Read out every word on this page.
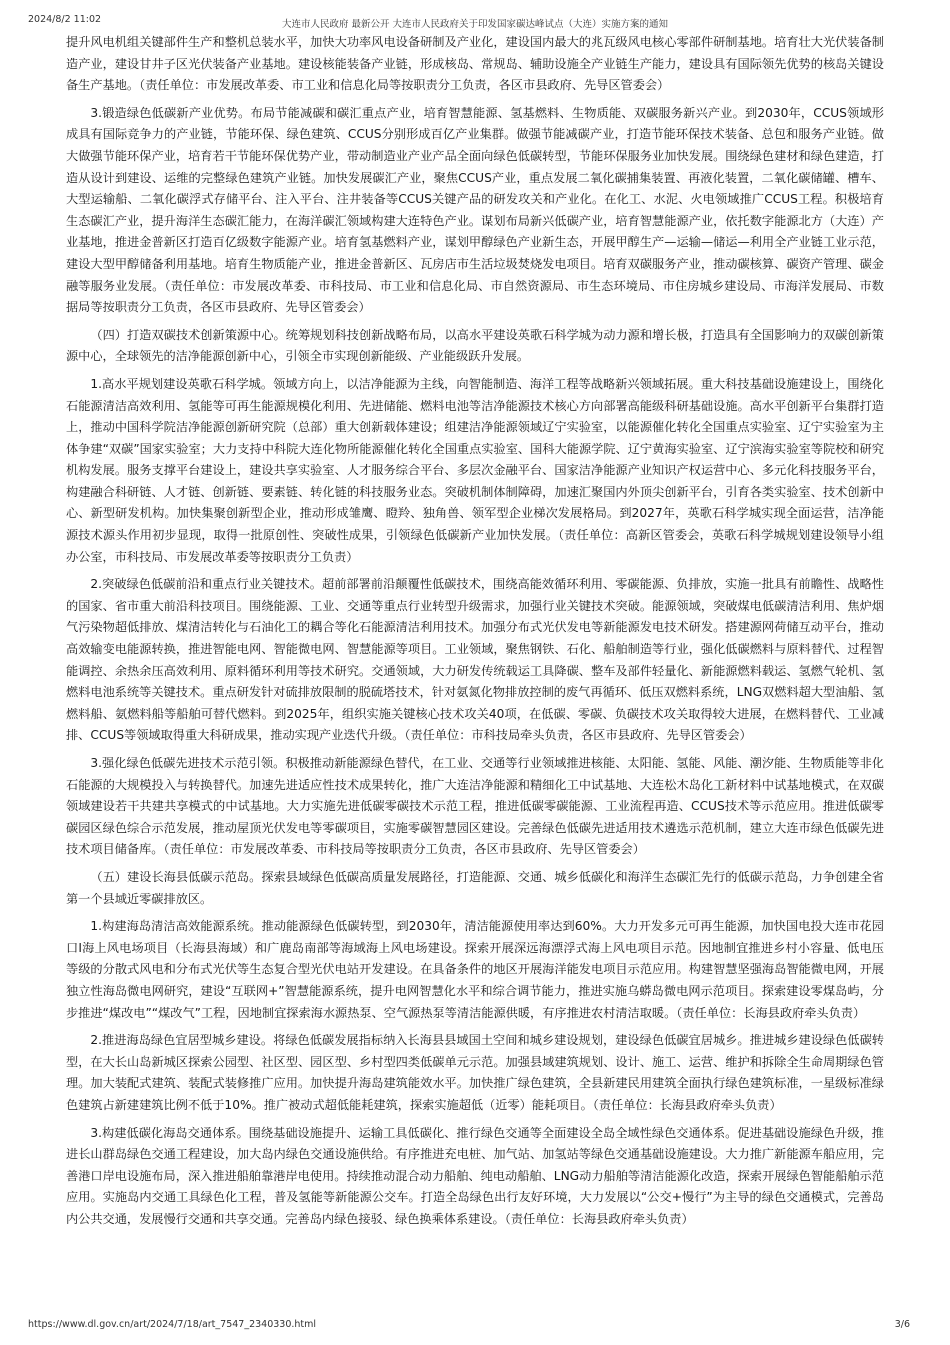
2024/8/2 11:02	大连市人民政府 最新公开 大连市人民政府关于印发国家碳达峰试点（大连）实施方案的通知

提升风电机组关键部件生产和整机总装水平，加快大功率风电设备研制及产业化，建设国内最大的兆瓦级风电核心零部件研制基地。培育壮大光伏装备制造产业，建设甘井子区光伏装备产业基地。建设核能装备产业链，形成核岛、常规岛、辅助设施全产业链生产能力，建设具有国际领先优势的核岛关键设备生产基地。（责任单位：市发展改革委、市工业和信息化局等按职责分工负责，各区市县政府、先导区管委会）

3.锻造绿色低碳新产业优势。布局节能减碳和碳汇重点产业，培育智慧能源、氢基燃料、生物质能、双碳服务新兴产业。到2030年，CCUS领域形成具有国际竞争力的产业链，节能环保、绿色建筑、CCUS分别形成百亿产业集群。做强节能减碳产业，打造节能环保技术装备、总包和服务产业链。做大做强节能环保产业，培育若干节能环保优势产业，带动制造业产业产品全面向绿色低碳转型，节能环保服务业加快发展。围绕绿色建材和绿色建造，打造从设计到建设、运维的完整绿色建筑产业链。加快发展碳汇产业，聚焦CCUS产业，重点发展二氧化碳捕集装置、再液化装置，二氧化碳储罐、槽车、大型运输船、二氧化碳浮式存储平台、注入平台、注井装备等CCUS关键产品的研发攻关和产业化。在化工、水泥、火电领域推广CCUS工程。积极培育生态碳汇产业，提升海洋生态碳汇能力，在海洋碳汇领域构建大连特色产业。谋划布局新兴低碳产业，培育智慧能源产业，依托数字能源北方（大连）产业基地，推进金普新区打造百亿级数字能源产业。培育氢基燃料产业，谋划甲醇绿色产业新生态，开展甲醇生产—运输—储运—利用全产业链工业示范，建设大型甲醇储备利用基地。培育生物质能产业，推进金普新区、瓦房店市生活垃圾焚烧发电项目。培育双碳服务产业，推动碳核算、碳资产管理、碳金融等服务业发展。（责任单位：市发展改革委、市科技局、市工业和信息化局、市自然资源局、市生态环境局、市住房城乡建设局、市海洋发展局、市数据局等按职责分工负责，各区市县政府、先导区管委会）

（四）打造双碳技术创新策源中心。统筹规划科技创新战略布局，以高水平建设英歌石科学城为动力源和增长极，打造具有全国影响力的双碳创新策源中心，全球领先的洁净能源创新中心，引领全市实现创新能级、产业能级跃升发展。

1.高水平规划建设英歌石科学城。领域方向上，以洁净能源为主线，向智能制造、海洋工程等战略新兴领域拓展。重大科技基础设施建设上，围绕化石能源清洁高效利用、氢能等可再生能源规模化利用、先进储能、燃料电池等洁净能源技术核心方向部署高能级科研基础设施。高水平创新平台集群打造上，推动中国科学院洁净能源创新研究院（总部）重大创新载体建设；组建洁净能源领域辽宁实验室，以能源催化转化全国重点实验室、辽宁实验室为主体争建“双碳”国家实验室；大力支持中科院大连化物所能源催化转化全国重点实验室、国科大能源学院、辽宁黄海实验室、辽宁滨海实验室等院校和研究机构发展。服务支撑平台建设上，建设共享实验室、人才服务综合平台、多层次金融平台、国家洁净能源产业知识产权运营中心、多元化科技服务平台，构建融合科研链、人才链、创新链、要素链、转化链的科技服务业态。突破机制体制障碍，加速汇聚国内外顶尖创新平台，引育各类实验室、技术创新中心、新型研发机构。加快集聚创新型企业，推动形成雏鹰、瞪羚、独角兽、领军型企业梯次发展格局。到2027年，英歌石科学城实现全面运营，洁净能源技术源头作用初步显现，取得一批原创性、突破性成果，引领绿色低碳新产业加快发展。（责任单位：高新区管委会，英歌石科学城规划建设领导小组办公室，市科技局、市发展改革委等按职责分工负责）

2.突破绿色低碳前沿和重点行业关键技术。超前部署前沿颠覆性低碳技术，围绕高能效循环利用、零碳能源、负排放，实施一批具有前瞻性、战略性的国家、省市重大前沿科技项目。围绕能源、工业、交通等重点行业转型升级需求，加强行业关键技术突破。能源领域，突破煤电低碳清洁利用、焦炉烟气污染物超低排放、煤清洁转化与石油化工的耦合等化石能源清洁利用技术。加强分布式光伏发电等新能源发电技术研发。搭建源网荷储互动平台，推动高效输变电能源转换，推进智能电网、智能微电网、智慧能源等项目。工业领域，聚焦钢铁、石化、船舶制造等行业，强化低碳燃料与原料替代、过程智能调控、余热余压高效利用、原料循环利用等技术研究。交通领域，大力研发传统载运工具降碳、整车及部件轻量化、新能源燃料载运、氢燃气轮机、氢燃料电池系统等关键技术。重点研发针对硫排放限制的脱硫塔技术，针对氨氮化物排放控制的废气再循环、低压双燃料系统，LNG双燃料超大型油船、氢燃料船、氨燃料船等船舶可替代燃料。到2025年，组织实施关键核心技术攻关40项，在低碳、零碳、负碳技术攻关取得较大进展，在燃料替代、工业减排、CCUS等领域取得重大科研成果，推动实现产业迭代升级。（责任单位：市科技局牵头负责，各区市县政府、先导区管委会）

3.强化绿色低碳先进技术示范引领。积极推动新能源绿色替代，在工业、交通等行业领域推进核能、太阳能、氢能、风能、潮汐能、生物质能等非化石能源的大规模投入与转换替代。加速先进适应性技术成果转化，推广大连洁净能源和精细化工中试基地、大连松木岛化工新材料中试基地模式，在双碳领域建设若干共建共享模式的中试基地。大力实施先进低碳零碳技术示范工程，推进低碳零碳能源、工业流程再造、CCUS技术等示范应用。推进低碳零碳园区绿色综合示范发展，推动屋顶光伏发电等零碳项目，实施零碳智慧园区建设。完善绿色低碳先进适用技术遴选示范机制，建立大连市绿色低碳先进技术项目储备库。（责任单位：市发展改革委、市科技局等按职责分工负责，各区市县政府、先导区管委会）

（五）建设长海县低碳示范岛。探索县域绿色低碳高质量发展路径，打造能源、交通、城乡低碳化和海洋生态碳汇先行的低碳示范岛，力争创建全省第一个县域近零碳排放区。

1.构建海岛清洁高效能源系统。推动能源绿色低碳转型，到2030年，清洁能源使用率达到60%。大力开发多元可再生能源，加快国电投大连市花园口Ⅰ海上风电场项目（长海县海域）和广鹿岛南部等海域海上风电场建设。探索开展深远海漂浮式海上风电项目示范。因地制宜推进乡村小容量、低电压等级的分散式风电和分布式光伏等生态复合型光伏电站开发建设。在具备条件的地区开展海洋能发电项目示范应用。构建智慧坚强海岛智能微电网，开展独立性海岛微电网研究，建设“互联网+”智慧能源系统，提升电网智慧化水平和综合调节能力，推进实施乌蟒岛微电网示范项目。探索建设零煤岛屿，分步推进“煤改电”“煤改气”工程，因地制宜探索海水源热泵、空气源热泵等清洁能源供暖，有序推进农村清洁取暖。（责任单位：长海县政府牵头负责）

2.推进海岛绿色宜居型城乡建设。将绿色低碳发展指标纳入长海县县域国土空间和城乡建设规划，建设绿色低碳宜居城乡。推进城乡建设绿色低碳转型，在大长山岛新城区探索公园型、社区型、园区型、乡村型四类低碳单元示范。加强县域建筑规划、设计、施工、运营、维护和拆除全生命周期绿色管理。加大装配式建筑、装配式装修推广应用。加快提升海岛建筑能效水平。加快推广绿色建筑，全县新建民用建筑全面执行绿色建筑标准，一星级标准绿色建筑占新建建筑比例不低于10%。推广被动式超低能耗建筑，探索实施超低（近零）能耗项目。（责任单位：长海县政府牵头负责）

3.构建低碳化海岛交通体系。围绕基础设施提升、运输工具低碳化、推行绿色交通等全面建设全岛全域性绿色交通体系。促进基础设施绿色升级，推进长山群岛绿色交通工程建设，加大岛内绿色交通设施供给。有序推进充电桩、加气站、加氢站等绿色交通基础设施建设。大力推广新能源车船应用，完善港口岸电设施布局，深入推进船舶靠港岸电使用。持续推动混合动力船舶、纯电动船舶、LNG动力船舶等清洁能源化改造，探索开展绿色智能船舶示范应用。实施岛内交通工具绿色化工程，普及氢能等新能源公交车。打造全岛绿色出行友好环境，大力发展以“公交+慢行”为主导的绿色交通模式，完善岛内公共交通，发展慢行交通和共享交通。完善岛内绿色接驳、绿色换乘体系建设。（责任单位：长海县政府牵头负责）

https://www.dl.gov.cn/art/2024/7/18/art_7547_2340330.html	3/6
